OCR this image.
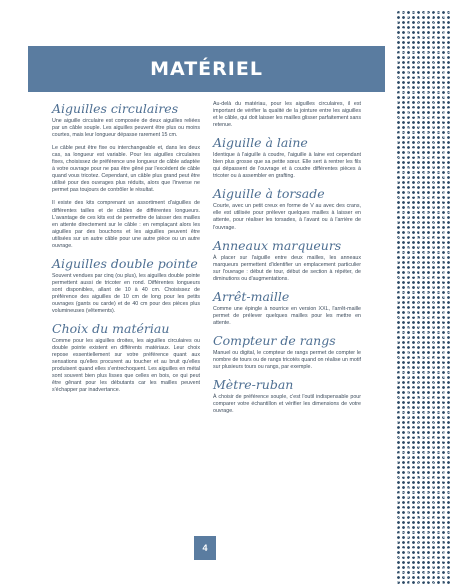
MATÉRIEL
Aiguilles circulaires

Une aiguille circulaire est composée de deux aiguilles reliées par un câble souple. Les aiguilles peuvent être plus ou moins courtes, mais leur longueur dépasse rarement 15 cm.

Le câble peut être fixe ou interchangeable et, dans les deux cas, sa longueur est variable. Pour les aiguilles circulaires fixes, choisissez de préférence une longueur de câble adaptée à votre ouvrage pour ne pas être gêné par l'excédent de câble quand vous tricotez. Cependant, un câble plus grand peut être utilisé pour des ouvrages plus réduits, alors que l'inverse ne permet pas toujours de contrôler le résultat.

Il existe des kits comprenant un assortiment d'aiguilles de différentes tailles et de câbles de différentes longueurs. L'avantage de ces kits est de permettre de laisser des mailles en attente directement sur le câble : en remplaçant alors les aiguilles par des bouchons et les aiguilles peuvent être utilisées sur un autre câble pour une autre pièce ou un autre ouvrage.

Aiguilles double pointe

Souvent vendues par cinq (ou plus), les aiguilles double pointe permettent aussi de tricoter en rond. Différentes longueurs sont disponibles, allant de 10 à 40 cm. Choisissez de préférence des aiguilles de 10 cm de long pour les petits ouvrages (gants ou carde) et de 40 cm pour des pièces plus volumineuses (vêtements).

Choix du matériau

Comme pour les aiguilles droites, les aiguilles circulaires ou double pointe existent en différents matériaux. Leur choix repose essentiellement sur votre préférence quant aux sensations qu'elles procurent au toucher et au bruit qu'elles produisent quand elles s'entrechoquent. Les aiguilles en métal sont souvent bien plus lisses que celles en bois, ce qui peut être gênant pour les débutants car les mailles peuvent s'échapper par inadvertance.

Au-delà du matériau, pour les aiguilles circulaires, il est important de vérifier la qualité de la jointure entre les aiguilles et le câble, qui doit laisser les mailles glisser parfaitement sans retenue.

Aiguille à laine

Identique à l'aiguille à coudre, l'aiguille à laine est cependant bien plus grosse que sa petite sœur. Elle sert à rentrer les fils qui dépassent de l'ouvrage et à coudre différentes pièces à tricoter ou à assembler en grafting.

Aiguille à torsade

Courte, avec un petit creux en forme de V au avec des crans, elle est utilisée pour prélever quelques mailles à laisser en attente, pour réaliser les torsades, à l'avant ou à l'arrière de l'ouvrage.

Anneaux marqueurs

À placer sur l'aiguille entre deux mailles, les anneaux marqueurs permettent d'identifier un emplacement particulier sur l'ouvrage : début de tour, début de section à répéter, de diminutions ou d'augmentations.

Arrêt-maille

Comme une épingle à nourrice en version XXL, l'arrêt-maille permet de prélever quelques mailles pour les mettre en attente.

Compteur de rangs

Manuel ou digital, le compteur de rangs permet de compter le nombre de tours ou de rangs tricotés quand on réalise un motif sur plusieurs tours ou rangs, par exemple.

Mètre-ruban

À choisir de préférence souple, c'est l'outil indispensable pour comparer votre échantillon et vérifier les dimensions de votre ouvrage.

4
